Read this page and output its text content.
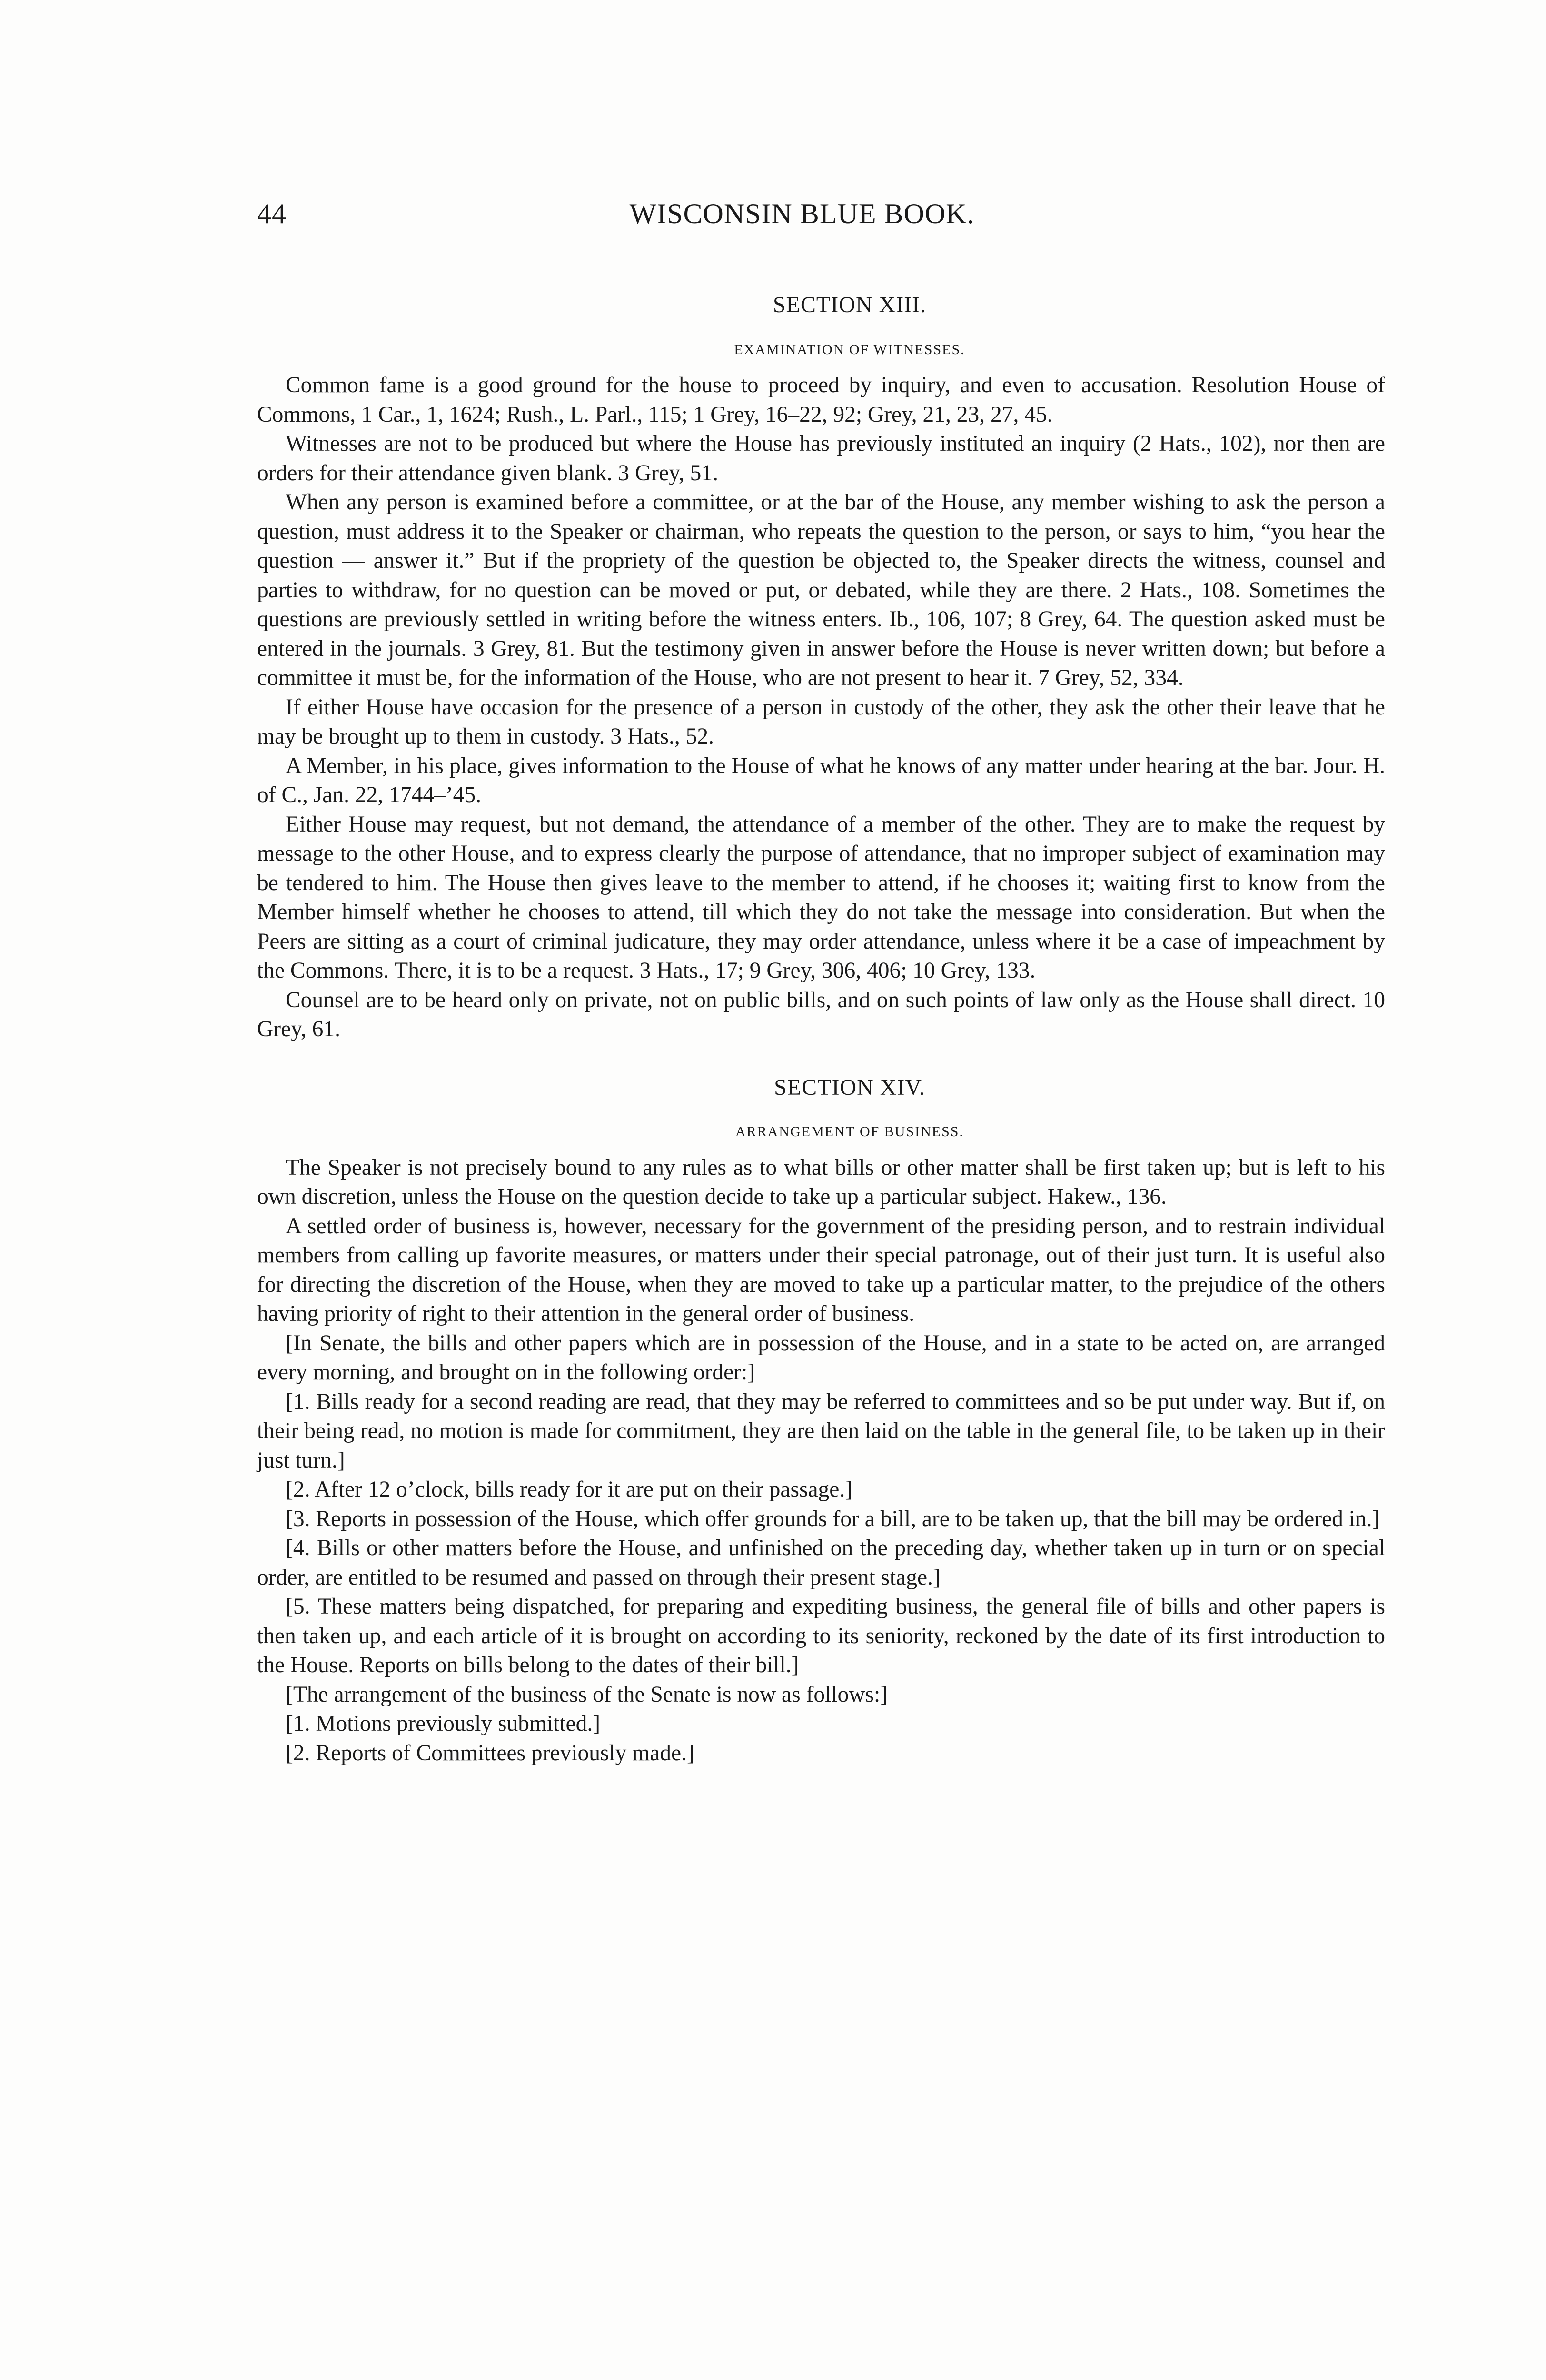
44	WISCONSIN BLUE BOOK.
SECTION XIII.
EXAMINATION OF WITNESSES.

Common fame is a good ground for the house to proceed by inquiry, and even to accusation. Resolution House of Commons, 1 Car., 1, 1624; Rush., L. Parl., 115; 1 Grey, 16–22, 92; Grey, 21, 23, 27, 45.

Witnesses are not to be produced but where the House has previously instituted an inquiry (2 Hats., 102), nor then are orders for their attendance given blank. 3 Grey, 51.

When any person is examined before a committee, or at the bar of the House, any member wishing to ask the person a question, must address it to the Speaker or chairman, who repeats the question to the person, or says to him, “you hear the question — answer it.” But if the propriety of the question be objected to, the Speaker directs the witness, counsel and parties to withdraw, for no question can be moved or put, or debated, while they are there. 2 Hats., 108. Sometimes the questions are previously settled in writing before the witness enters. Ib., 106, 107; 8 Grey, 64. The question asked must be entered in the journals. 3 Grey, 81. But the testimony given in answer before the House is never written down; but before a committee it must be, for the information of the House, who are not present to hear it. 7 Grey, 52, 334.

If either House have occasion for the presence of a person in custody of the other, they ask the other their leave that he may be brought up to them in custody. 3 Hats., 52.

A Member, in his place, gives information to the House of what he knows of any matter under hearing at the bar. Jour. H. of C., Jan. 22, 1744–’45.

Either House may request, but not demand, the attendance of a member of the other. They are to make the request by message to the other House, and to express clearly the purpose of attendance, that no improper subject of examination may be tendered to him. The House then gives leave to the member to attend, if he chooses it; waiting first to know from the Member himself whether he chooses to attend, till which they do not take the message into consideration. But when the Peers are sitting as a court of criminal judicature, they may order attendance, unless where it be a case of impeachment by the Commons. There, it is to be a request. 3 Hats., 17; 9 Grey, 306, 406; 10 Grey, 133.

Counsel are to be heard only on private, not on public bills, and on such points of law only as the House shall direct. 10 Grey, 61.

SECTION XIV.
ARRANGEMENT OF BUSINESS.

The Speaker is not precisely bound to any rules as to what bills or other matter shall be first taken up; but is left to his own discretion, unless the House on the question decide to take up a particular subject. Hakew., 136.

A settled order of business is, however, necessary for the government of the presiding person, and to restrain individual members from calling up favorite measures, or matters under their special patronage, out of their just turn. It is useful also for directing the discretion of the House, when they are moved to take up a particular matter, to the prejudice of the others having priority of right to their attention in the general order of business.

[In Senate, the bills and other papers which are in possession of the House, and in a state to be acted on, are arranged every morning, and brought on in the following order:]

[1. Bills ready for a second reading are read, that they may be referred to committees and so be put under way. But if, on their being read, no motion is made for commitment, they are then laid on the table in the general file, to be taken up in their just turn.]

[2. After 12 o’clock, bills ready for it are put on their passage.]

[3. Reports in possession of the House, which offer grounds for a bill, are to be taken up, that the bill may be ordered in.]

[4. Bills or other matters before the House, and unfinished on the preceding day, whether taken up in turn or on special order, are entitled to be resumed and passed on through their present stage.]

[5. These matters being dispatched, for preparing and expediting business, the general file of bills and other papers is then taken up, and each article of it is brought on according to its seniority, reckoned by the date of its first introduction to the House. Reports on bills belong to the dates of their bill.]

[The arrangement of the business of the Senate is now as follows:]

[1. Motions previously submitted.]

[2. Reports of Committees previously made.]
